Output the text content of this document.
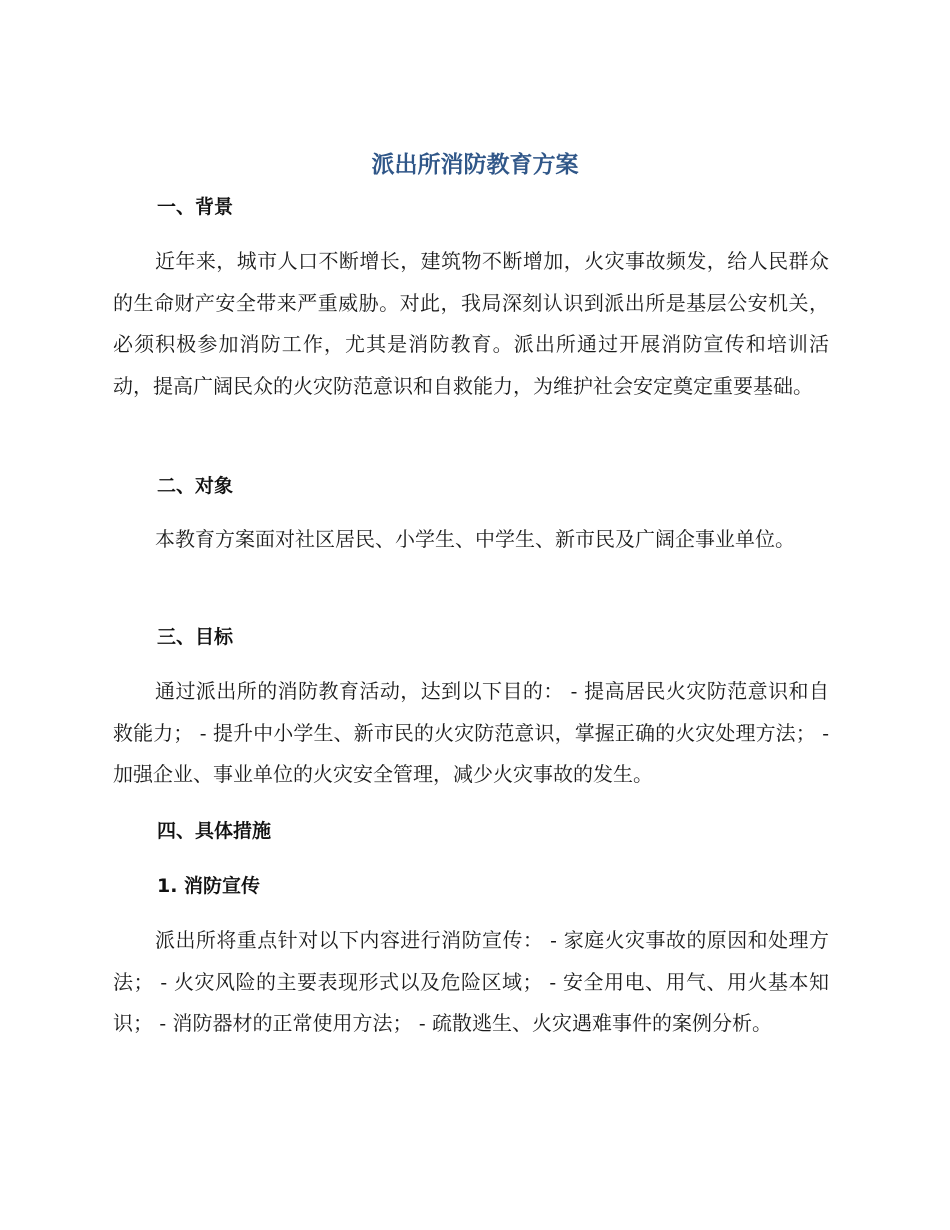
派出所消防教育方案
一、背景

近年来，城市人口不断增长，建筑物不断增加，火灾事故频发，给人民群众的生命财产安全带来严重威胁。对此，我局深刻认识到派出所是基层公安机关，必须积极参加消防工作，尤其是消防教育。派出所通过开展消防宣传和培训活动，提高广阔民众的火灾防范意识和自救能力，为维护社会安定奠定重要基础。

二、对象

本教育方案面对社区居民、小学生、中学生、新市民及广阔企事业单位。

三、目标

通过派出所的消防教育活动，达到以下目的： - 提高居民火灾防范意识和自救能力； - 提升中小学生、新市民的火灾防范意识，掌握正确的火灾处理方法； - 加强企业、事业单位的火灾安全管理，减少火灾事故的发生。

四、具体措施
1. 消防宣传

派出所将重点针对以下内容进行消防宣传： - 家庭火灾事故的原因和处理方法； - 火灾风险的主要表现形式以及危险区域； - 安全用电、用气、用火基本知识； - 消防器材的正常使用方法； - 疏散逃生、火灾遇难事件的案例分析。
